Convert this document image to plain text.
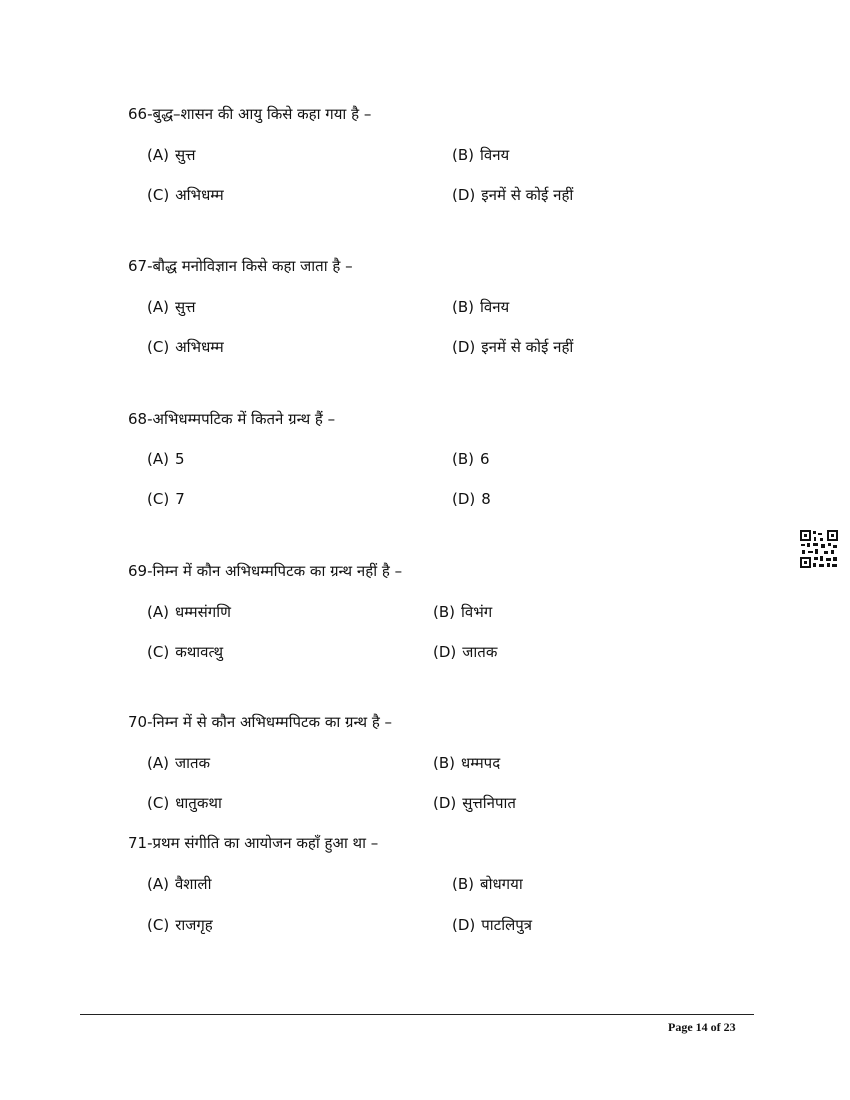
66-बुद्ध–शासन की आयु किसे कहा गया है –
(A) सुत्त	(B) विनय
(C) अभिधम्म	(D) इनमें से कोई नहीं
67-बौद्ध मनोविज्ञान किसे कहा जाता है –
(A) सुत्त	(B) विनय
(C) अभिधम्म	(D) इनमें से कोई नहीं
68-अभिधम्मपटिक में कितने ग्रन्थ हैं –
(A) 5	(B) 6
(C) 7	(D) 8
69-निम्न में कौन अभिधम्मपिटक का ग्रन्थ नहीं है –
(A) धम्मसंगणि	(B) विभंग
(C) कथावत्थु	(D) जातक
70-निम्न में से कौन अभिधम्मपिटक का ग्रन्थ है –
(A) जातक	(B) धम्मपद
(C) धातुकथा	(D) सुत्तनिपात
71-प्रथम संगीति का आयोजन कहाँ हुआ था –
(A) वैशाली	(B) बोधगया
(C) राजगृह	(D) पाटलिपुत्र
Page 14 of 23
